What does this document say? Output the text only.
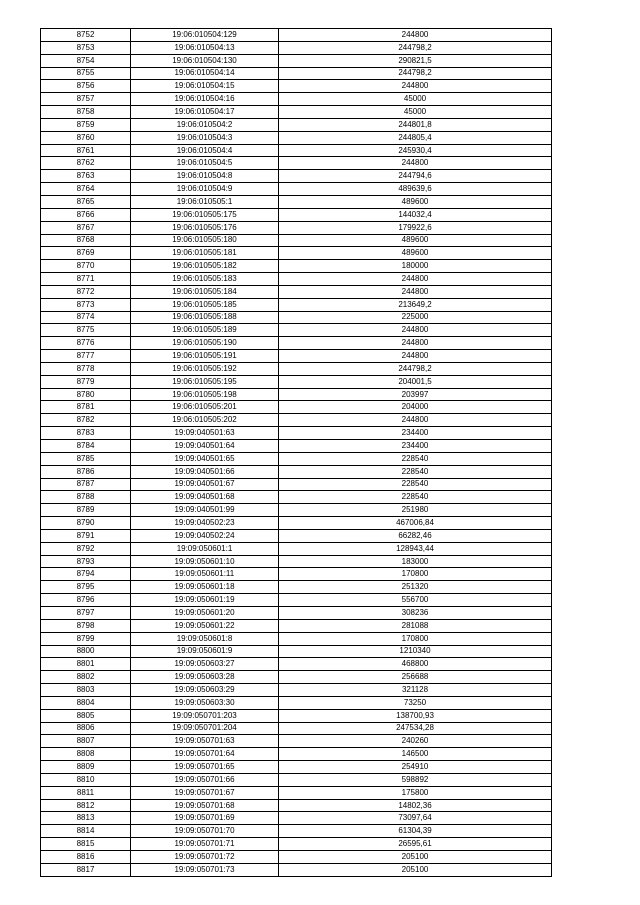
8752	19:06:010504:129	244800
8753	19:06:010504:13	244798,2
8754	19:06:010504:130	290821,5
8755	19:06:010504:14	244798,2
8756	19:06:010504:15	244800
8757	19:06:010504:16	45000
8758	19:06:010504:17	45000
8759	19:06:010504:2	244801,8
8760	19:06:010504:3	244805,4
8761	19:06:010504:4	245930,4
8762	19:06:010504:5	244800
8763	19:06:010504:8	244794,6
8764	19:06:010504:9	489639,6
8765	19:06:010505:1	489600
8766	19:06:010505:175	144032,4
8767	19:06:010505:176	179922,6
8768	19:06:010505:180	489600
8769	19:06:010505:181	489600
8770	19:06:010505:182	180000
8771	19:06:010505:183	244800
8772	19:06:010505:184	244800
8773	19:06:010505:185	213649,2
8774	19:06:010505:188	225000
8775	19:06:010505:189	244800
8776	19:06:010505:190	244800
8777	19:06:010505:191	244800
8778	19:06:010505:192	244798,2
8779	19:06:010505:195	204001,5
8780	19:06:010505:198	203997
8781	19:06:010505:201	204000
8782	19:06:010505:202	244800
8783	19:09:040501:63	234400
8784	19:09:040501:64	234400
8785	19:09:040501:65	228540
8786	19:09:040501:66	228540
8787	19:09:040501:67	228540
8788	19:09:040501:68	228540
8789	19:09:040501:99	251980
8790	19:09:040502:23	467006,84
8791	19:09:040502:24	66282,46
8792	19:09:050601:1	128943,44
8793	19:09:050601:10	183000
8794	19:09:050601:11	170800
8795	19:09:050601:18	251320
8796	19:09:050601:19	556700
8797	19:09:050601:20	308236
8798	19:09:050601:22	281088
8799	19:09:050601:8	170800
8800	19:09:050601:9	1210340
8801	19:09:050603:27	468800
8802	19:09:050603:28	256688
8803	19:09:050603:29	321128
8804	19:09:050603:30	73250
8805	19:09:050701:203	138700,93
8806	19:09:050701:204	247534,28
8807	19:09:050701:63	240260
8808	19:09:050701:64	146500
8809	19:09:050701:65	254910
8810	19:09:050701:66	598892
8811	19:09:050701:67	175800
8812	19:09:050701:68	14802,36
8813	19:09:050701:69	73097,64
8814	19:09:050701:70	61304,39
8815	19:09:050701:71	26595,61
8816	19:09:050701:72	205100
8817	19:09:050701:73	205100
